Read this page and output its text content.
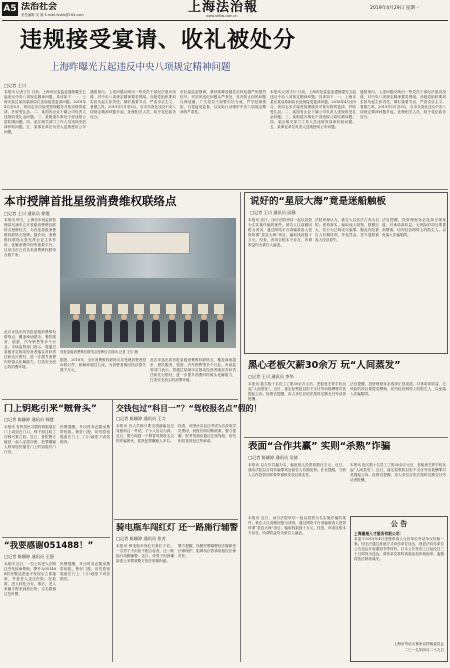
A5 法治社会
责任编辑 吴 雄 E-mail:fzshb@163.com	上海法治報
www.shfzb.com.cn
2019年4月29日 星期一
违规接受宴请、收礼被处分
上海昨曝光五起违反中央八项规定精神问题
□记者 王川
本报讯 记者王川 日前，上海市纪委监委通报曝光五起违反中央八项规定精神问题。具体如下：一、上海市某区某局原副局长违规接受宴请问题。2018年4月至5月，该同志多次接受管理服务对象安排的宴请，并收受礼品。二、某国有企业下属公司负责人违规收受礼金问题。三、某街道办事处干部违规公款吃喝问题。四、某区相关部门工作人员违规发放津补贴问题。五、某事业单位负责人违规使用公车问题。
通报指出，上述问题反映出一些党员干部纪法意识淡薄，对中央八项规定精神置若罔闻。各级党组织要切实担负起主体责任，紧盯重要节点，严查享乐主义、奢靡之风。2019年1月至3月，全市共查处违反中央八项规定精神问题多起，处理相关人员，给予党纪政务处分。
市纪委监委强调，要持续释放越往后执纪越严的强烈信号，对顶风违纪问题从严查处，坚决防止四风问题反弹回潮。广大党员干部要引以为戒，严守纪律规矩，自觉接受监督，以实际行动维护中央八项规定精神的严肃性。
本报讯 记者王川 日前，上海市纪委监委通报曝光五起违反中央八项规定精神问题。具体如下：一、上海市某区某局原副局长违规接受宴请问题。2018年4月至5月，该同志多次接受管理服务对象安排的宴请，并收受礼品。二、某国有企业下属公司负责人违规收受礼金问题。三、某街道办事处干部违规公款吃喝问题。四、某区相关部门工作人员违规发放津补贴问题。五、某事业单位负责人违规使用公车问题。
通报指出，上述问题反映出一些党员干部纪法意识淡薄，对中央八项规定精神置若罔闻。各级党组织要切实担负起主体责任，紧盯重要节点，严查享乐主义、奢靡之风。2019年1月至3月，全市共查处违反中央八项规定精神问题多起，处理相关人员，给予党纪政务处分。
本市授牌首批星级消费维权联络点
□记者 王川 通讯员 徐霞
本报讯 昨天，上海市市场监督管理局在浦东召开星级消费维权联络点授牌仪式，为首批星级消费维权联络点授牌。据介绍，消费维权联络点是发挥企业主体作用、化解消费纠纷的重要平台。目前全市已有各类消费维权联络点数千家。
此次评选出的首批星级消费维权联络点，覆盖商场超市、餐饮服务、旅游、汽车销售等多个行业。市场监管部门表示，将通过星级评定推动经营者落实首问责任和先行赔付，进一步提升消费纠纷源头化解能力，打造安全放心的消费环境。
首批星级消费维权联络点授牌仪式现场 记者 王川 摄
据悉，2018年，全市消费维权联络点共受理消费者投诉数万件，和解率超过九成，为消费者挽回经济损失数千万元。
此次评选出的首批星级消费维权联络点，覆盖商场超市、餐饮服务、旅游、汽车销售等多个行业。市场监管部门表示，将通过星级评定推动经营者落实首问责任和先行赔付，进一步提升消费纠纷源头化解能力，打造安全放心的消费环境。
说好的“星辰大海”竟是迷船触板
□记者 王川 通讯员 邱静
本报讯 近日，闵行法院审结一起以投资为名实施诈骗的案件。被告人以高额回报为诱饵，通过网络平台诱骗被害人投资所谓“星辰大海”项目，骗取钱款数十万元。经查，该项目根本不存在，所谓收益均为被告人编造。
法院审理认为，被告人以非法占有为目的，虚构事实，骗取他人财物，数额巨大，其行为已构成诈骗罪。据此判处被告人有期徒刑，并处罚金，责令退赔被害人经济损失。
法官提醒，投资理财务必选择正规渠道，对承诺高收益、无风险的项目要提高警惕，切勿轻信网络上的陌生人，以免落入诈骗陷阱。
黑心老板欠薪30余万 玩“人间蒸发”
□记者 王川 通讯员 李华
本报讯 拖欠数十名员工工资30余万元后，老板竟关停手机玩起“人间蒸发”。近日，嘉定检察院以拒不支付劳动报酬罪对其提起公诉。检察官提醒，用人单位应依法按时足额支付劳动者报酬。
法官提醒，投资理财务必选择正规渠道，对承诺高收益、无风险的项目要提高警惕，切勿轻信网络上的陌生人，以免落入诈骗陷阱。
表面“合作共赢” 实则“杀熟”诈骗
□记者 陈颖婷 通讯员 吴倩
本报讯 以合作共赢为名，骗取熟人投资款数百万元。近日，浦东法院以合同诈骗罪判处被告人有期徒刑。法官提醒，与熟人合作投资同样要审慎核实项目真实性。
本报讯 拖欠数十名员工工资30余万元后，老板竟关停手机玩起“人间蒸发”。近日，嘉定检察院以拒不支付劳动报酬罪对其提起公诉。检察官提醒，用人单位应依法按时足额支付劳动者报酬。
本报讯 近日，闵行法院审结一起以投资为名实施诈骗的案件。被告人以高额回报为诱饵，通过网络平台诱骗被害人投资所谓“星辰大海”项目，骗取钱款数十万元。经查，该项目根本不存在，所谓收益均为被告人编造。
公 告
上海嘉晟人才服务有限公司：
本委于2019年4月受理申请人与你单位劳动争议仲裁一案。因无法通过其他方式向你单位送达，现依法向你单位公告送达开庭通知书等材料。自本公告发布之日起经过三十日即视为送达。请你单位准时到庭参加仲裁庭审，逾期将依法缺席裁决。
上海市劳动人事争议仲裁委员会
二〇一九年四月二十九日
门上钥匙引来“贼骨头”
□记者 陈颖婷 通讯员 韩慧
本报讯 有些居民习惯将钥匙插在门上或放在门口，殊不知这给了窃贼可乘之机。近日，普陀警方破获一起入室盗窃案，犯罪嫌疑人利用居民插在门上的钥匙开门行窃。
民警提醒，外出时务必随身携带钥匙，锁好门窗，切勿将钥匙留在门上、门口地垫下或信箱内。
“我要感谢051488！”
□记者 陈颖婷 通讯员 王强
本报讯 近日，一位七旬老人在路边突发疾病晕倒，警号为051488的民警巡逻途中发现后立即施救，并将老人送往医院。经抢救，老人转危为安。事后，老人家属专程来到派出所，点名感谢这位民警。
民警提醒，外出时务必随身携带钥匙，锁好门窗，切勿将钥匙留在门上、门口地垫下或信箱内。
交钱包过“科目一”？“驾校报名点”假的！
□记者 陈颖婷 通讯员 王力
本报讯 有人声称只要交钱就能包过驾照科目一考试，不少人信以为真。近日，警方捣毁一个假冒驾校报名点的诈骗团伙，抓获犯罪嫌疑人多名。
经查，该团伙以包过考试为名收取学员费用，到账后即切断联系。警方提醒，报考驾照应通过正规驾校，切勿相信花钱包过等承诺。
骑电瓶车闯红灯 还一路施行辅警
□记者 陈颖婷 通讯员 张芳
本报讯 骑电瓶车闯红灯被拦下后，一名男子不但拒不配合检查，还一路拖行执勤辅警。近日，该男子因涉嫌妨害公务罪被警方依法刑事拘留。
警方提醒，执勤民警辅警依法履职受法律保护，阻碍执法将承担相应法律责任。
